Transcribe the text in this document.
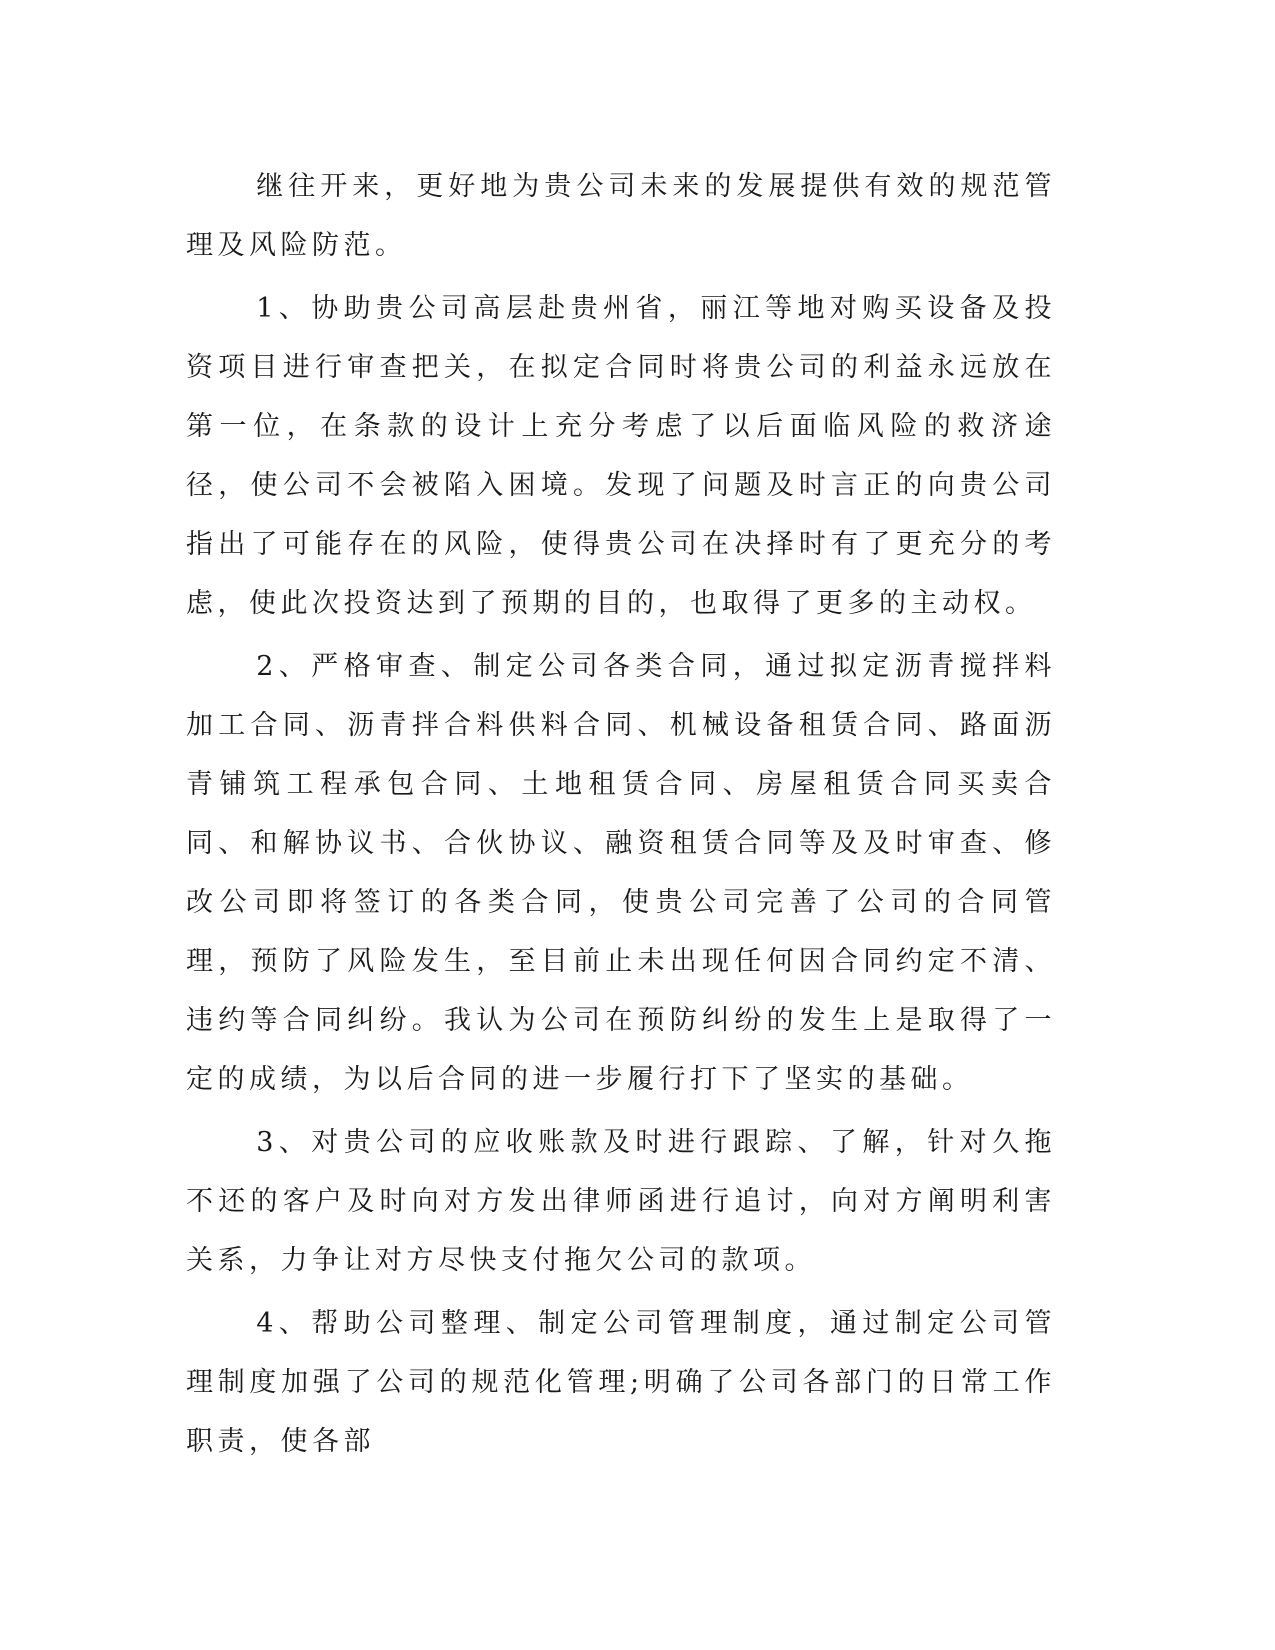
继往开来，更好地为贵公司未来的发展提供有效的规范管理及风险防范。

1、协助贵公司高层赴贵州省，丽江等地对购买设备及投资项目进行审查把关，在拟定合同时将贵公司的利益永远放在第一位，在条款的设计上充分考虑了以后面临风险的救济途径，使公司不会被陷入困境。发现了问题及时言正的向贵公司指出了可能存在的风险，使得贵公司在决择时有了更充分的考虑，使此次投资达到了预期的目的，也取得了更多的主动权。

2、严格审查、制定公司各类合同，通过拟定沥青搅拌料加工合同、沥青拌合料供料合同、机械设备租赁合同、路面沥青铺筑工程承包合同、土地租赁合同、房屋租赁合同买卖合同、和解协议书、合伙协议、融资租赁合同等及及时审查、修改公司即将签订的各类合同，使贵公司完善了公司的合同管理，预防了风险发生，至目前止未出现任何因合同约定不清、违约等合同纠纷。我认为公司在预防纠纷的发生上是取得了一定的成绩，为以后合同的进一步履行打下了坚实的基础。

3、对贵公司的应收账款及时进行跟踪、了解，针对久拖不还的客户及时向对方发出律师函进行追讨，向对方阐明利害关系，力争让对方尽快支付拖欠公司的款项。

4、帮助公司整理、制定公司管理制度，通过制定公司管理制度加强了公司的规范化管理;明确了公司各部门的日常工作职责，使各部
